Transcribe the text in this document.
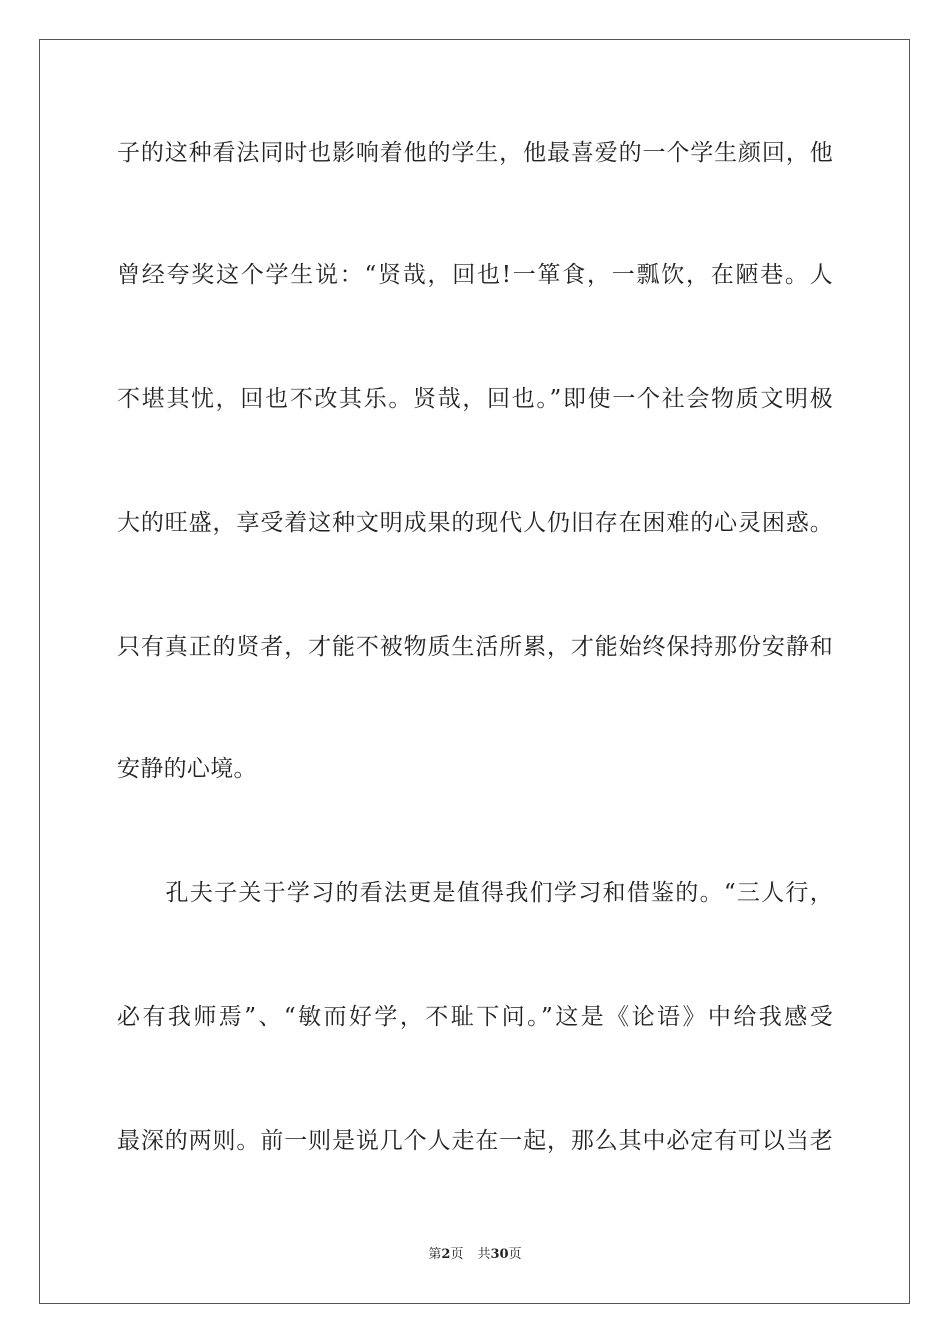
子的这种看法同时也影响着他的学生，他最喜爱的一个学生颜回，他
曾经夸奖这个学生说：“贤哉，回也!一箪食，一瓢饮，在陋巷。人
不堪其忧，回也不改其乐。贤哉，回也。”即使一个社会物质文明极
大的旺盛，享受着这种文明成果的现代人仍旧存在困难的心灵困惑。
只有真正的贤者，才能不被物质生活所累，才能始终保持那份安静和
安静的心境。
　　孔夫子关于学习的看法更是值得我们学习和借鉴的。“三人行，
必有我师焉”、“敏而好学，不耻下问。”这是《论语》中给我感受
最深的两则。前一则是说几个人走在一起，那么其中必定有可以当老
第2页 共30页
